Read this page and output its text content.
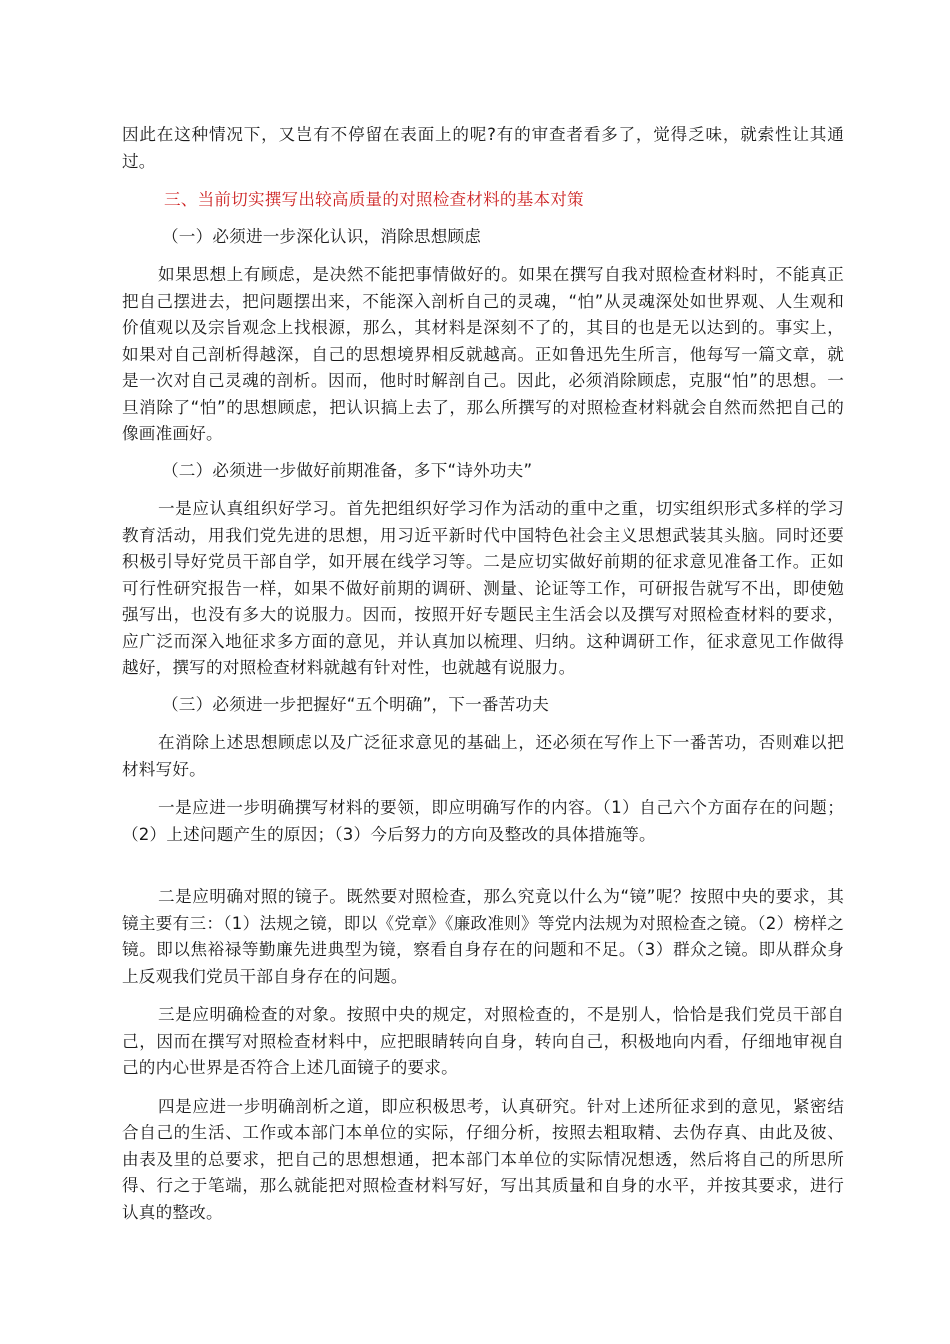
因此在这种情况下，又岂有不停留在表面上的呢?有的审查者看多了，觉得乏味，就索性让其通过。

三、当前切实撰写出较高质量的对照检查材料的基本对策

（一）必须进一步深化认识，消除思想顾虑

如果思想上有顾虑，是决然不能把事情做好的。如果在撰写自我对照检查材料时，不能真正把自己摆进去，把问题摆出来，不能深入剖析自己的灵魂，“怕”从灵魂深处如世界观、人生观和价值观以及宗旨观念上找根源，那么，其材料是深刻不了的，其目的也是无以达到的。事实上，如果对自己剖析得越深，自己的思想境界相反就越高。正如鲁迅先生所言，他每写一篇文章，就是一次对自己灵魂的剖析。因而，他时时解剖自己。因此，必须消除顾虑，克服“怕”的思想。一旦消除了“怕”的思想顾虑，把认识搞上去了，那么所撰写的对照检查材料就会自然而然把自己的像画准画好。

（二）必须进一步做好前期准备，多下“诗外功夫”

一是应认真组织好学习。首先把组织好学习作为活动的重中之重，切实组织形式多样的学习教育活动，用我们党先进的思想，用习近平新时代中国特色社会主义思想武装其头脑。同时还要积极引导好党员干部自学，如开展在线学习等。二是应切实做好前期的征求意见准备工作。正如可行性研究报告一样，如果不做好前期的调研、测量、论证等工作，可研报告就写不出，即使勉强写出，也没有多大的说服力。因而，按照开好专题民主生活会以及撰写对照检查材料的要求，应广泛而深入地征求多方面的意见，并认真加以梳理、归纳。这种调研工作，征求意见工作做得越好，撰写的对照检查材料就越有针对性，也就越有说服力。

（三）必须进一步把握好“五个明确”，下一番苦功夫

在消除上述思想顾虑以及广泛征求意见的基础上，还必须在写作上下一番苦功，否则难以把材料写好。

一是应进一步明确撰写材料的要领，即应明确写作的内容。（1）自己六个方面存在的问题；（2）上述问题产生的原因；（3）今后努力的方向及整改的具体措施等。

二是应明确对照的镜子。既然要对照检查，那么究竟以什么为“镜”呢？按照中央的要求，其镜主要有三：（1）法规之镜，即以《党章》《廉政准则》等党内法规为对照检查之镜。（2）榜样之镜。即以焦裕禄等勤廉先进典型为镜，察看自身存在的问题和不足。（3）群众之镜。即从群众身上反观我们党员干部自身存在的问题。

三是应明确检查的对象。按照中央的规定，对照检查的，不是别人，恰恰是我们党员干部自己，因而在撰写对照检查材料中，应把眼睛转向自身，转向自己，积极地向内看，仔细地审视自己的内心世界是否符合上述几面镜子的要求。

四是应进一步明确剖析之道，即应积极思考，认真研究。针对上述所征求到的意见，紧密结合自己的生活、工作或本部门本单位的实际，仔细分析，按照去粗取精、去伪存真、由此及彼、由表及里的总要求，把自己的思想想通，把本部门本单位的实际情况想透，然后将自己的所思所得、行之于笔端，那么就能把对照检查材料写好，写出其质量和自身的水平，并按其要求，进行认真的整改。
